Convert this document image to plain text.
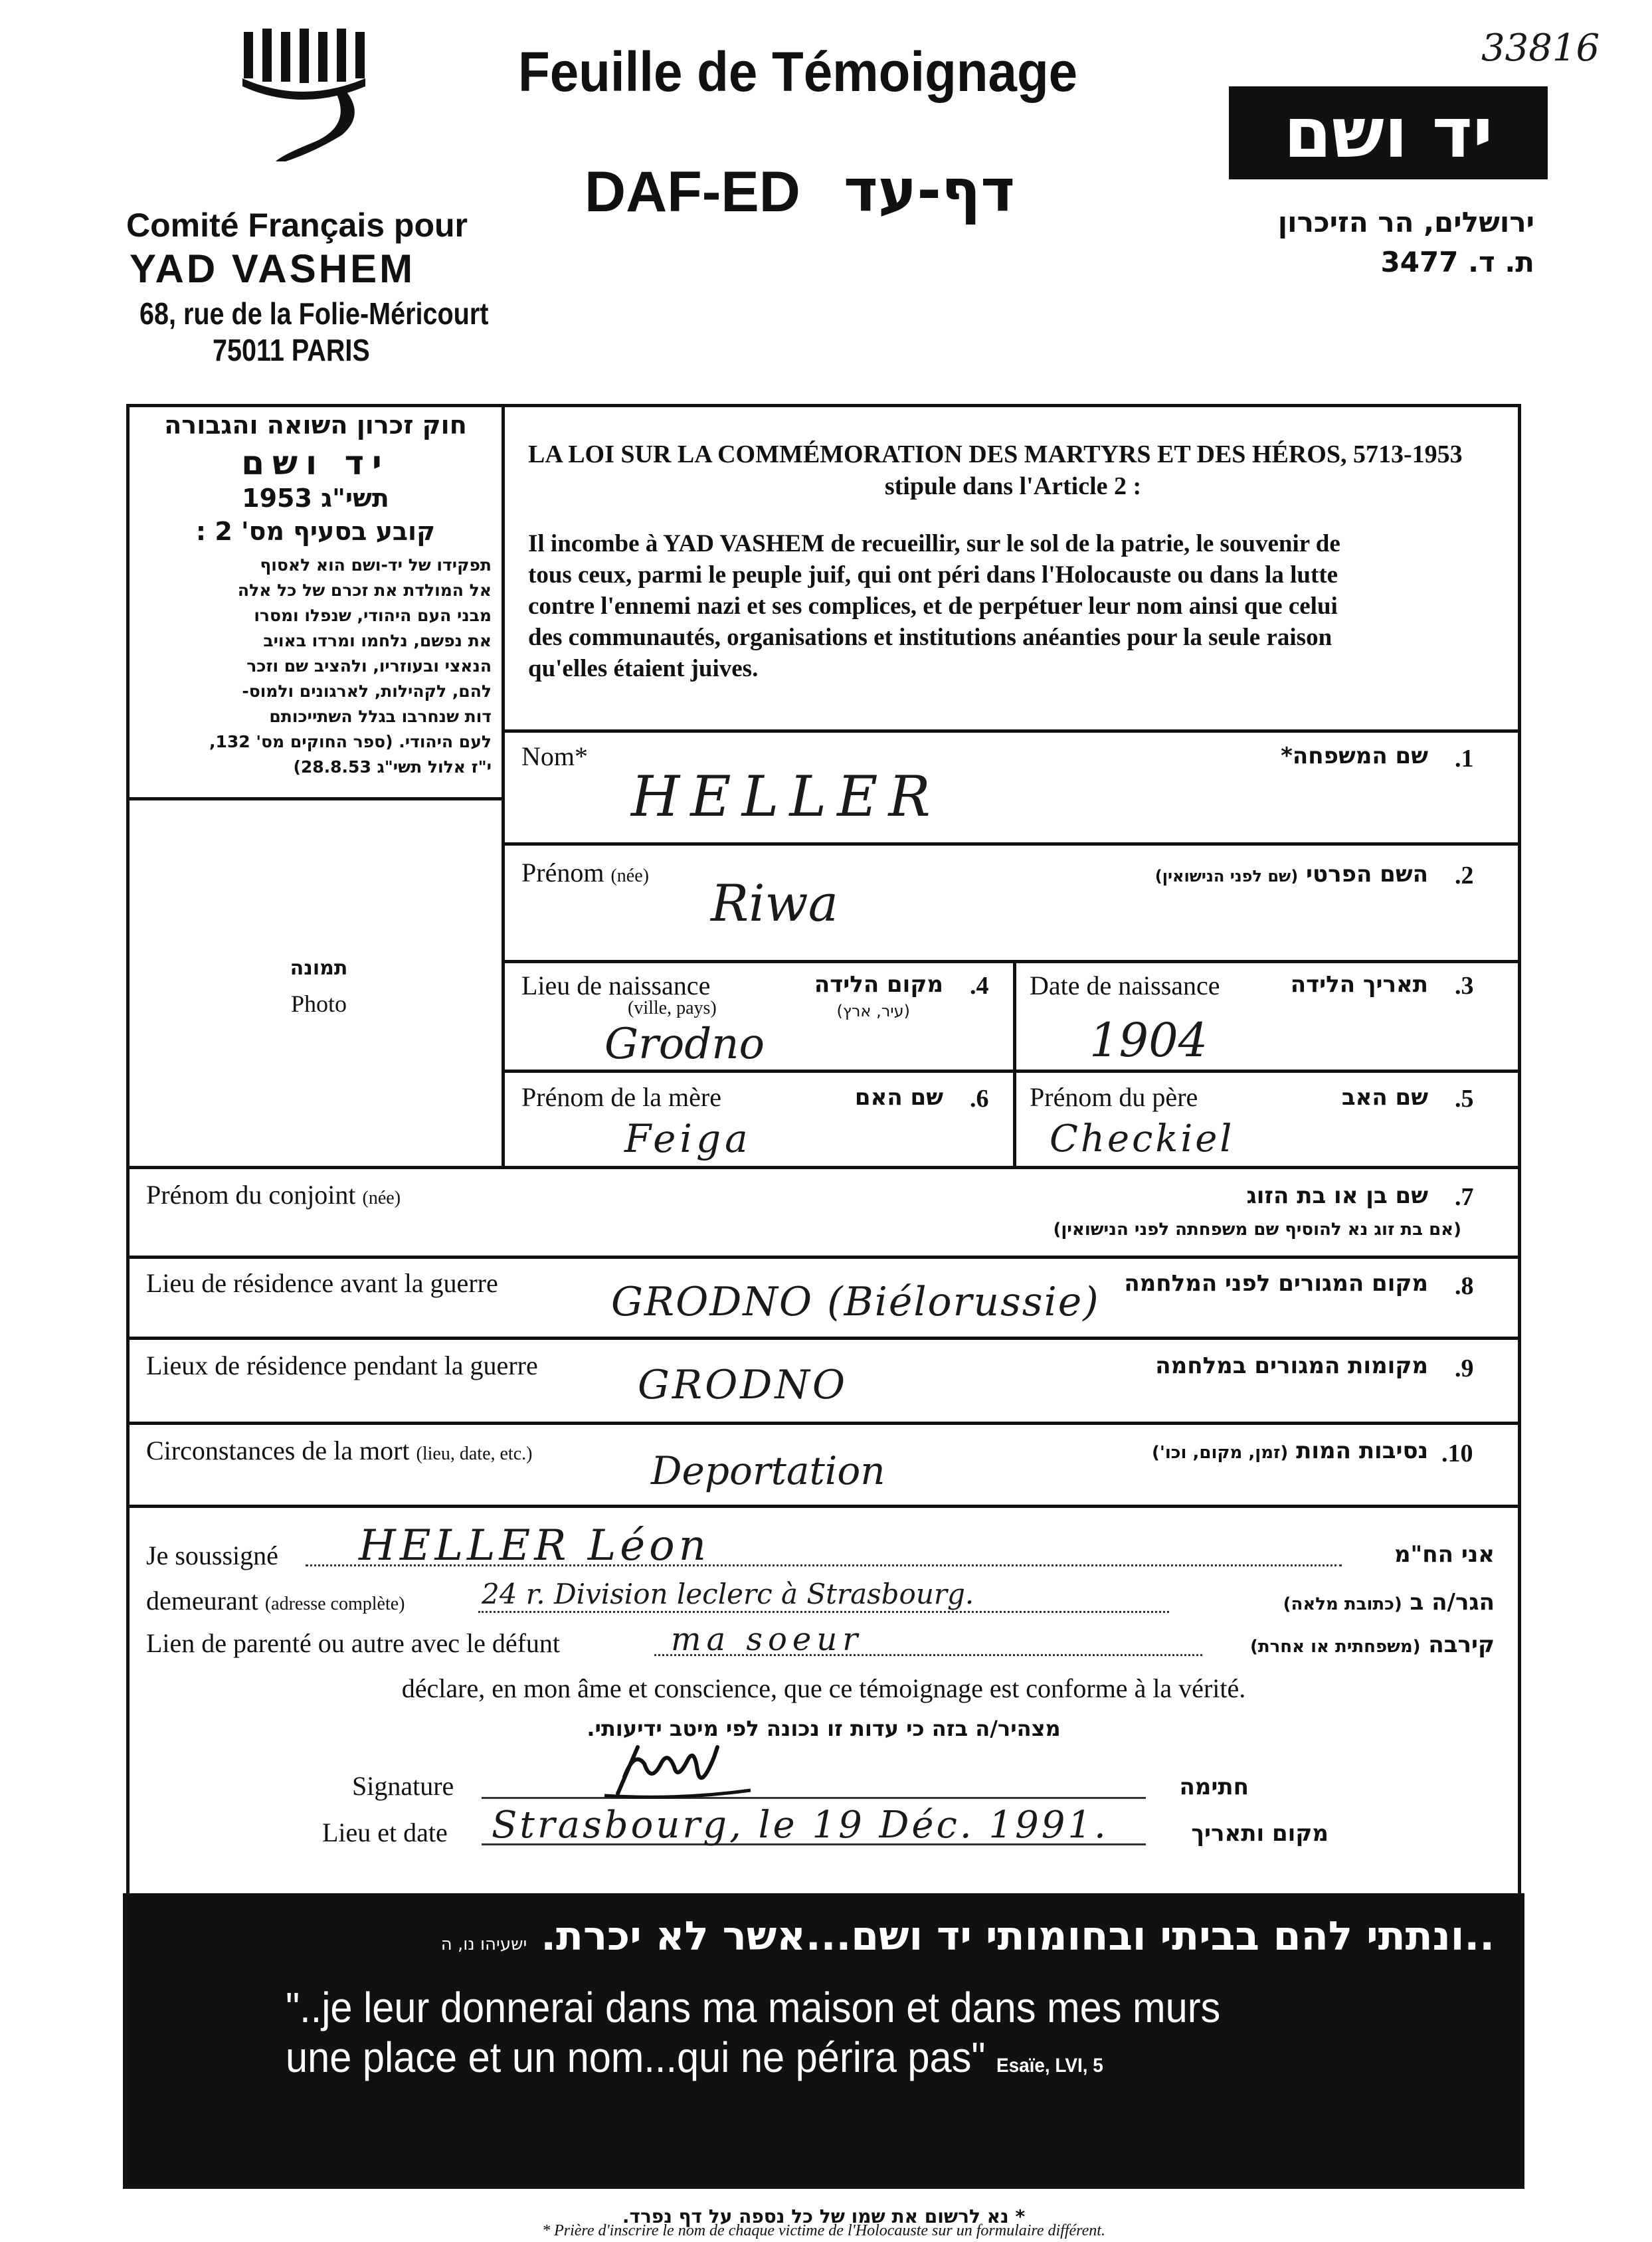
33816
Comité Français pour
YAD VASHEM
68, rue de la Folie-Méricourt
75011 PARIS
Feuille de Témoignage
DAF-ED דף-עד
יד ושם
ירושלים, הר הזיכרון
ת. ד. 3477
חוק זכרון השואה והגבורה
יד ושם
תשי"ג 1953
קובע בסעיף מס' 2 :
תפקידו של יד-ושם הוא לאסוף
אל המולדת את זכרם של כל אלה
מבני העם היהודי, שנפלו ומסרו
את נפשם, נלחמו ומרדו באויב
הנאצי ובעוזריו, ולהציב שם וזכר
להם, לקהילות, לארגונים ולמוס-
דות שנחרבו בגלל השתייכותם
לעם היהודי. (ספר החוקים מס' 132,
י"ז אלול תשי"ג 28.8.53)
תמונה
Photo
LA LOI SUR LA COMMÉMORATION DES MARTYRS ET DES HÉROS, 5713-1953
stipule dans l'Article 2 :
Il incombe à YAD VASHEM de recueillir, sur le sol de la patrie, le souvenir de
tous ceux, parmi le peuple juif, qui ont péri dans l'Holocauste ou dans la lutte
contre l'ennemi nazi et ses complices, et de perpétuer leur nom ainsi que celui
des communautés, organisations et institutions anéanties pour la seule raison
qu'elles étaient juives.
Nom*	שם המשפחה*	.1
HELLER
Prénom (née)	השם הפרטי (שם לפני הנישואין)	.2
Riwa
Lieu de naissance
(ville, pays)
מקום הלידה
(עיר, ארץ)
.4
Grodno
Date de naissance	תאריך הלידה .3
1904
Prénom de la mère	שם האם .6
Feiga
Prénom du père	שם האב .5
Checkiel
Prénom du conjoint (née)	שם בן או בת הזוג
(אם בת זוג נא להוסיף שם משפחתה לפני הנישואין)
.7
Lieu de résidence avant la guerre	מקום המגורים לפני המלחמה .8
GRODNO (Biélorussie)
Lieux de résidence pendant la guerre	מקומות המגורים במלחמה .9
GRODNO
Circonstances de la mort (lieu, date, etc.)	נסיבות המות (זמן, מקום, וכו')	.10
Deportation
Je soussigné HELLER Léon	אני הח"מ
demeurant (adresse complète)	24 r. Division leclerc à Strasbourg.	הגר/ה ב (כתובת מלאה)
Lien de parenté ou autre avec le défunt	ma soeur	קירבה (משפחתית או אחרת)
déclare, en mon âme et conscience, que ce témoignage est conforme à la vérité.
מצהיר/ה בזה כי עדות זו נכונה לפי מיטב ידיעותי.
Signature	חתימה
Lieu et date Strasbourg, le 19 Déc. 1991.	מקום ותאריך
..ונתתי להם בביתי ובחומותי יד ושם...אשר לא יכרת. ישעיהו נו, ה
"..je leur donnerai dans ma maison et dans mes murs
une place et un nom...qui ne périra pas" Esaïe, LVI, 5
* נא לרשום את שמו של כל נספה על דף נפרד.
* Prière d'inscrire le nom de chaque victime de l'Holocauste sur un formulaire différent.
